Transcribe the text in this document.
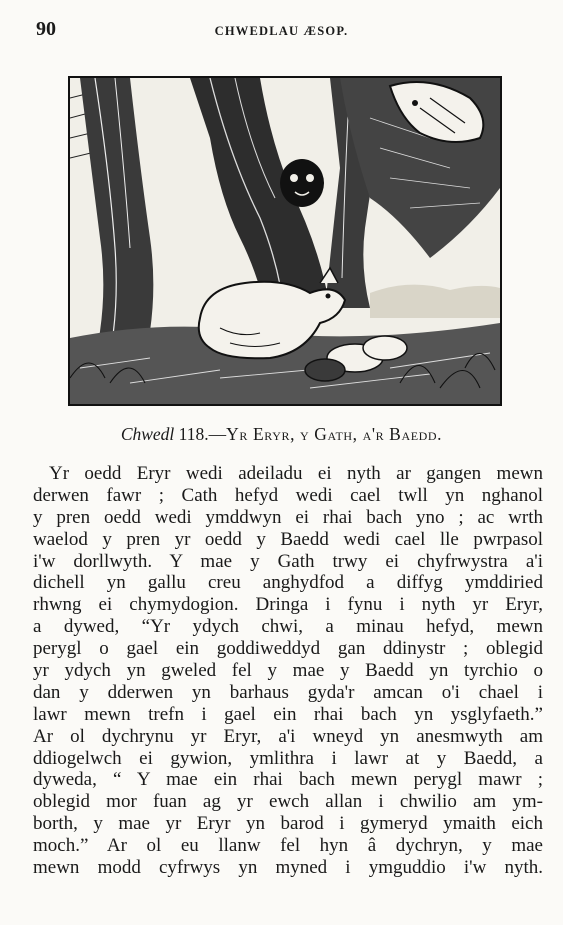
90	CHWEDLAU ÆSOP.
Chwedl 118.—Yr Eryr, y Gath, a'r Baedd.
Yr oedd Eryr wedi adeiladu ei nyth ar gangen mewn
derwen fawr ; Cath hefyd wedi cael twll yn nghanol
y pren oedd wedi ymddwyn ei rhai bach yno ; ac wrth
waelod y pren yr oedd y Baedd wedi cael lle pwrpasol
i'w dorllwyth. Y mae y Gath trwy ei chyfrwystra a'i
dichell yn gallu creu anghydfod a diffyg ymddiried
rhwng ei chymydogion. Dringa i fynu i nyth yr Eryr,
a dywed, “Yr ydych chwi, a minau hefyd, mewn
perygl o gael ein goddiweddyd gan ddinystr ; oblegid
yr ydych yn gweled fel y mae y Baedd yn tyrchio o
dan y dderwen yn barhaus gyda'r amcan o'i chael i
lawr mewn trefn i gael ein rhai bach yn ysglyfaeth.”
Ar ol dychrynu yr Eryr, a'i wneyd yn anesmwyth am
ddiogelwch ei gywion, ymlithra i lawr at y Baedd, a
dyweda, “ Y mae ein rhai bach mewn perygl mawr ;
oblegid mor fuan ag yr ewch allan i chwilio am ym-
borth, y mae yr Eryr yn barod i gymeryd ymaith eich
moch.” Ar ol eu llanw fel hyn â dychryn, y mae
mewn modd cyfrwys yn myned i ymguddio i'w nyth.
